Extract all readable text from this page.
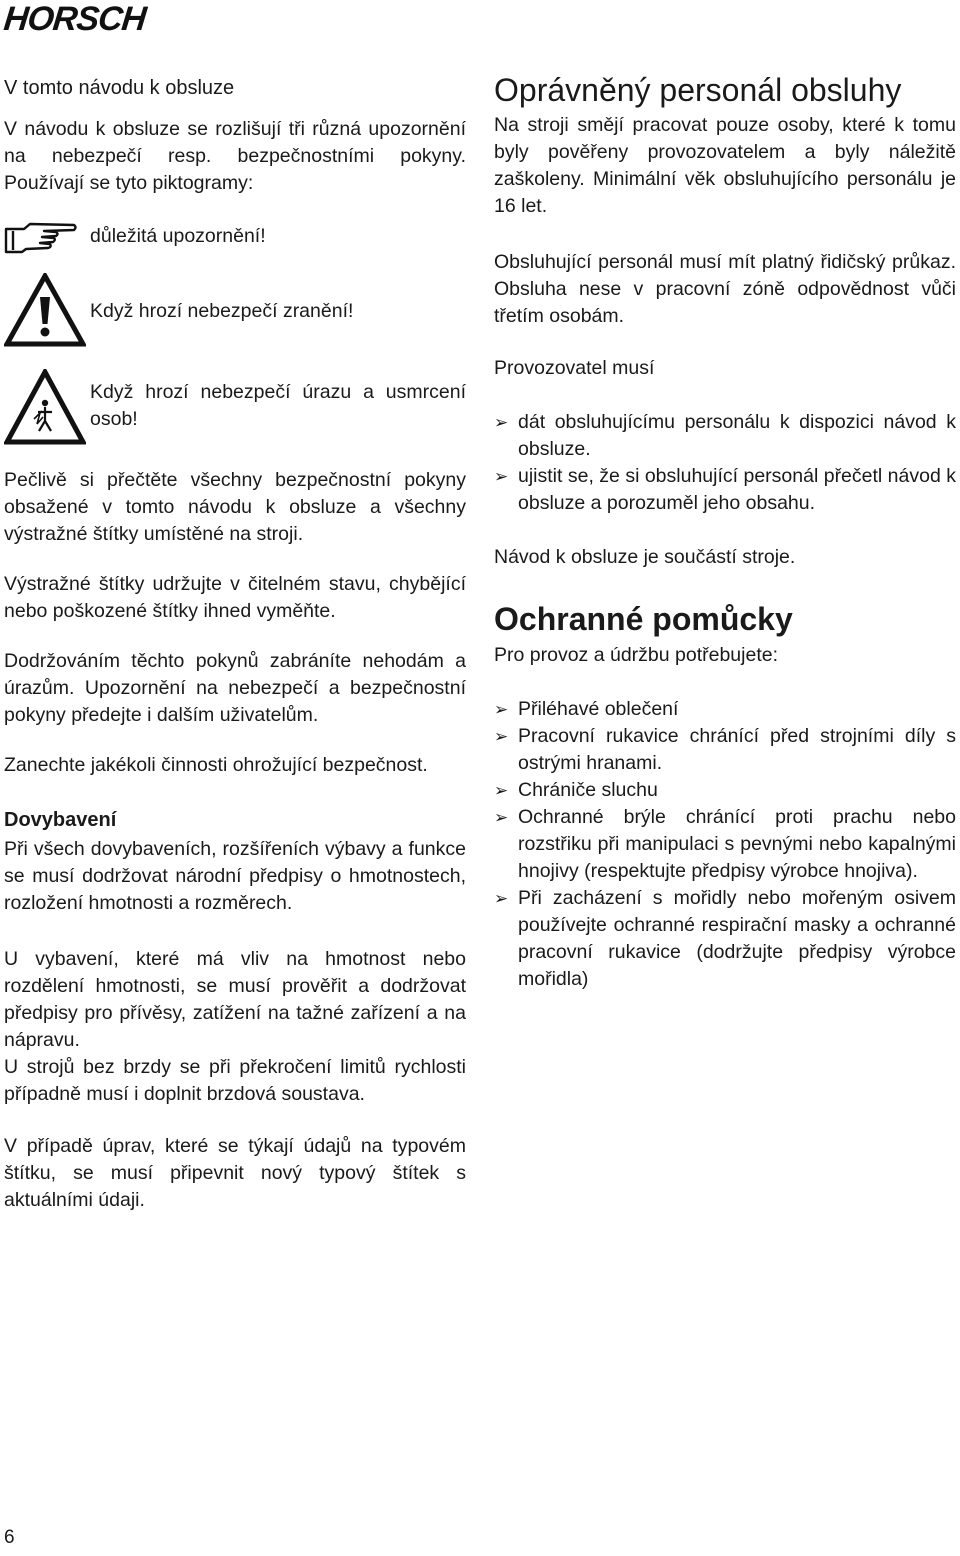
HORSCH
V tomto návodu k obsluze

V návodu k obsluze se rozlišují tři různá upozornění na nebezpečí resp. bezpečnostními pokyny. Používají se tyto piktogramy:

důležitá upozornění!
Když hrozí nebezpečí zranění!
Když hrozí nebezpečí úrazu a usmrcení osob!

Pečlivě si přečtěte všechny bezpečnostní pokyny obsažené v tomto návodu k obsluze a všechny výstražné štítky umístěné na stroji.

Výstražné štítky udržujte v čitelném stavu, chybějící nebo poškozené štítky ihned vyměňte.

Dodržováním těchto pokynů zabráníte nehodám a úrazům. Upozornění na nebezpečí a bezpečnostní pokyny předejte i dalším uživatelům.

Zanechte jakékoli činnosti ohrožující bezpečnost.

Dovybavení

Při všech dovybaveních, rozšířeních výbavy a funkce se musí dodržovat národní předpisy o hmotnostech, rozložení hmotnosti a rozměrech.

U vybavení, které má vliv na hmotnost nebo rozdělení hmotnosti, se musí prověřit a dodržovat předpisy pro přívěsy, zatížení na tažné zařízení a na nápravu.

U strojů bez brzdy se při překročení limitů rychlosti případně musí i doplnit brzdová soustava.

V případě úprav, které se týkají údajů na typovém štítku, se musí připevnit nový typový štítek s aktuálními údaji.

Oprávněný personál obsluhy

Na stroji smějí pracovat pouze osoby, které k tomu byly pověřeny provozovatelem a byly náležitě zaškoleny. Minimální věk obsluhujícího personálu je 16 let.

Obsluhující personál musí mít platný řidičský průkaz. Obsluha nese v pracovní zóně odpovědnost vůči třetím osobám.

Provozovatel musí

➢ dát obsluhujícímu personálu k dispozici návod k obsluze.
➢ ujistit se, že si obsluhující personál přečetl návod k obsluze a porozuměl jeho obsahu.

Návod k obsluze je součástí stroje.

Ochranné pomůcky

Pro provoz a údržbu potřebujete:

➢ Přiléhavé oblečení
➢ Pracovní rukavice chránící před strojními díly s ostrými hranami.
➢ Chrániče sluchu
➢ Ochranné brýle chránící proti prachu nebo rozstřiku při manipulaci s pevnými nebo kapalnými hnojivy (respektujte předpisy výrobce hnojiva).
➢ Při zacházení s mořidly nebo mořeným osivem používejte ochranné respirační masky a ochranné pracovní rukavice (dodržujte předpisy výrobce mořidla)
6
